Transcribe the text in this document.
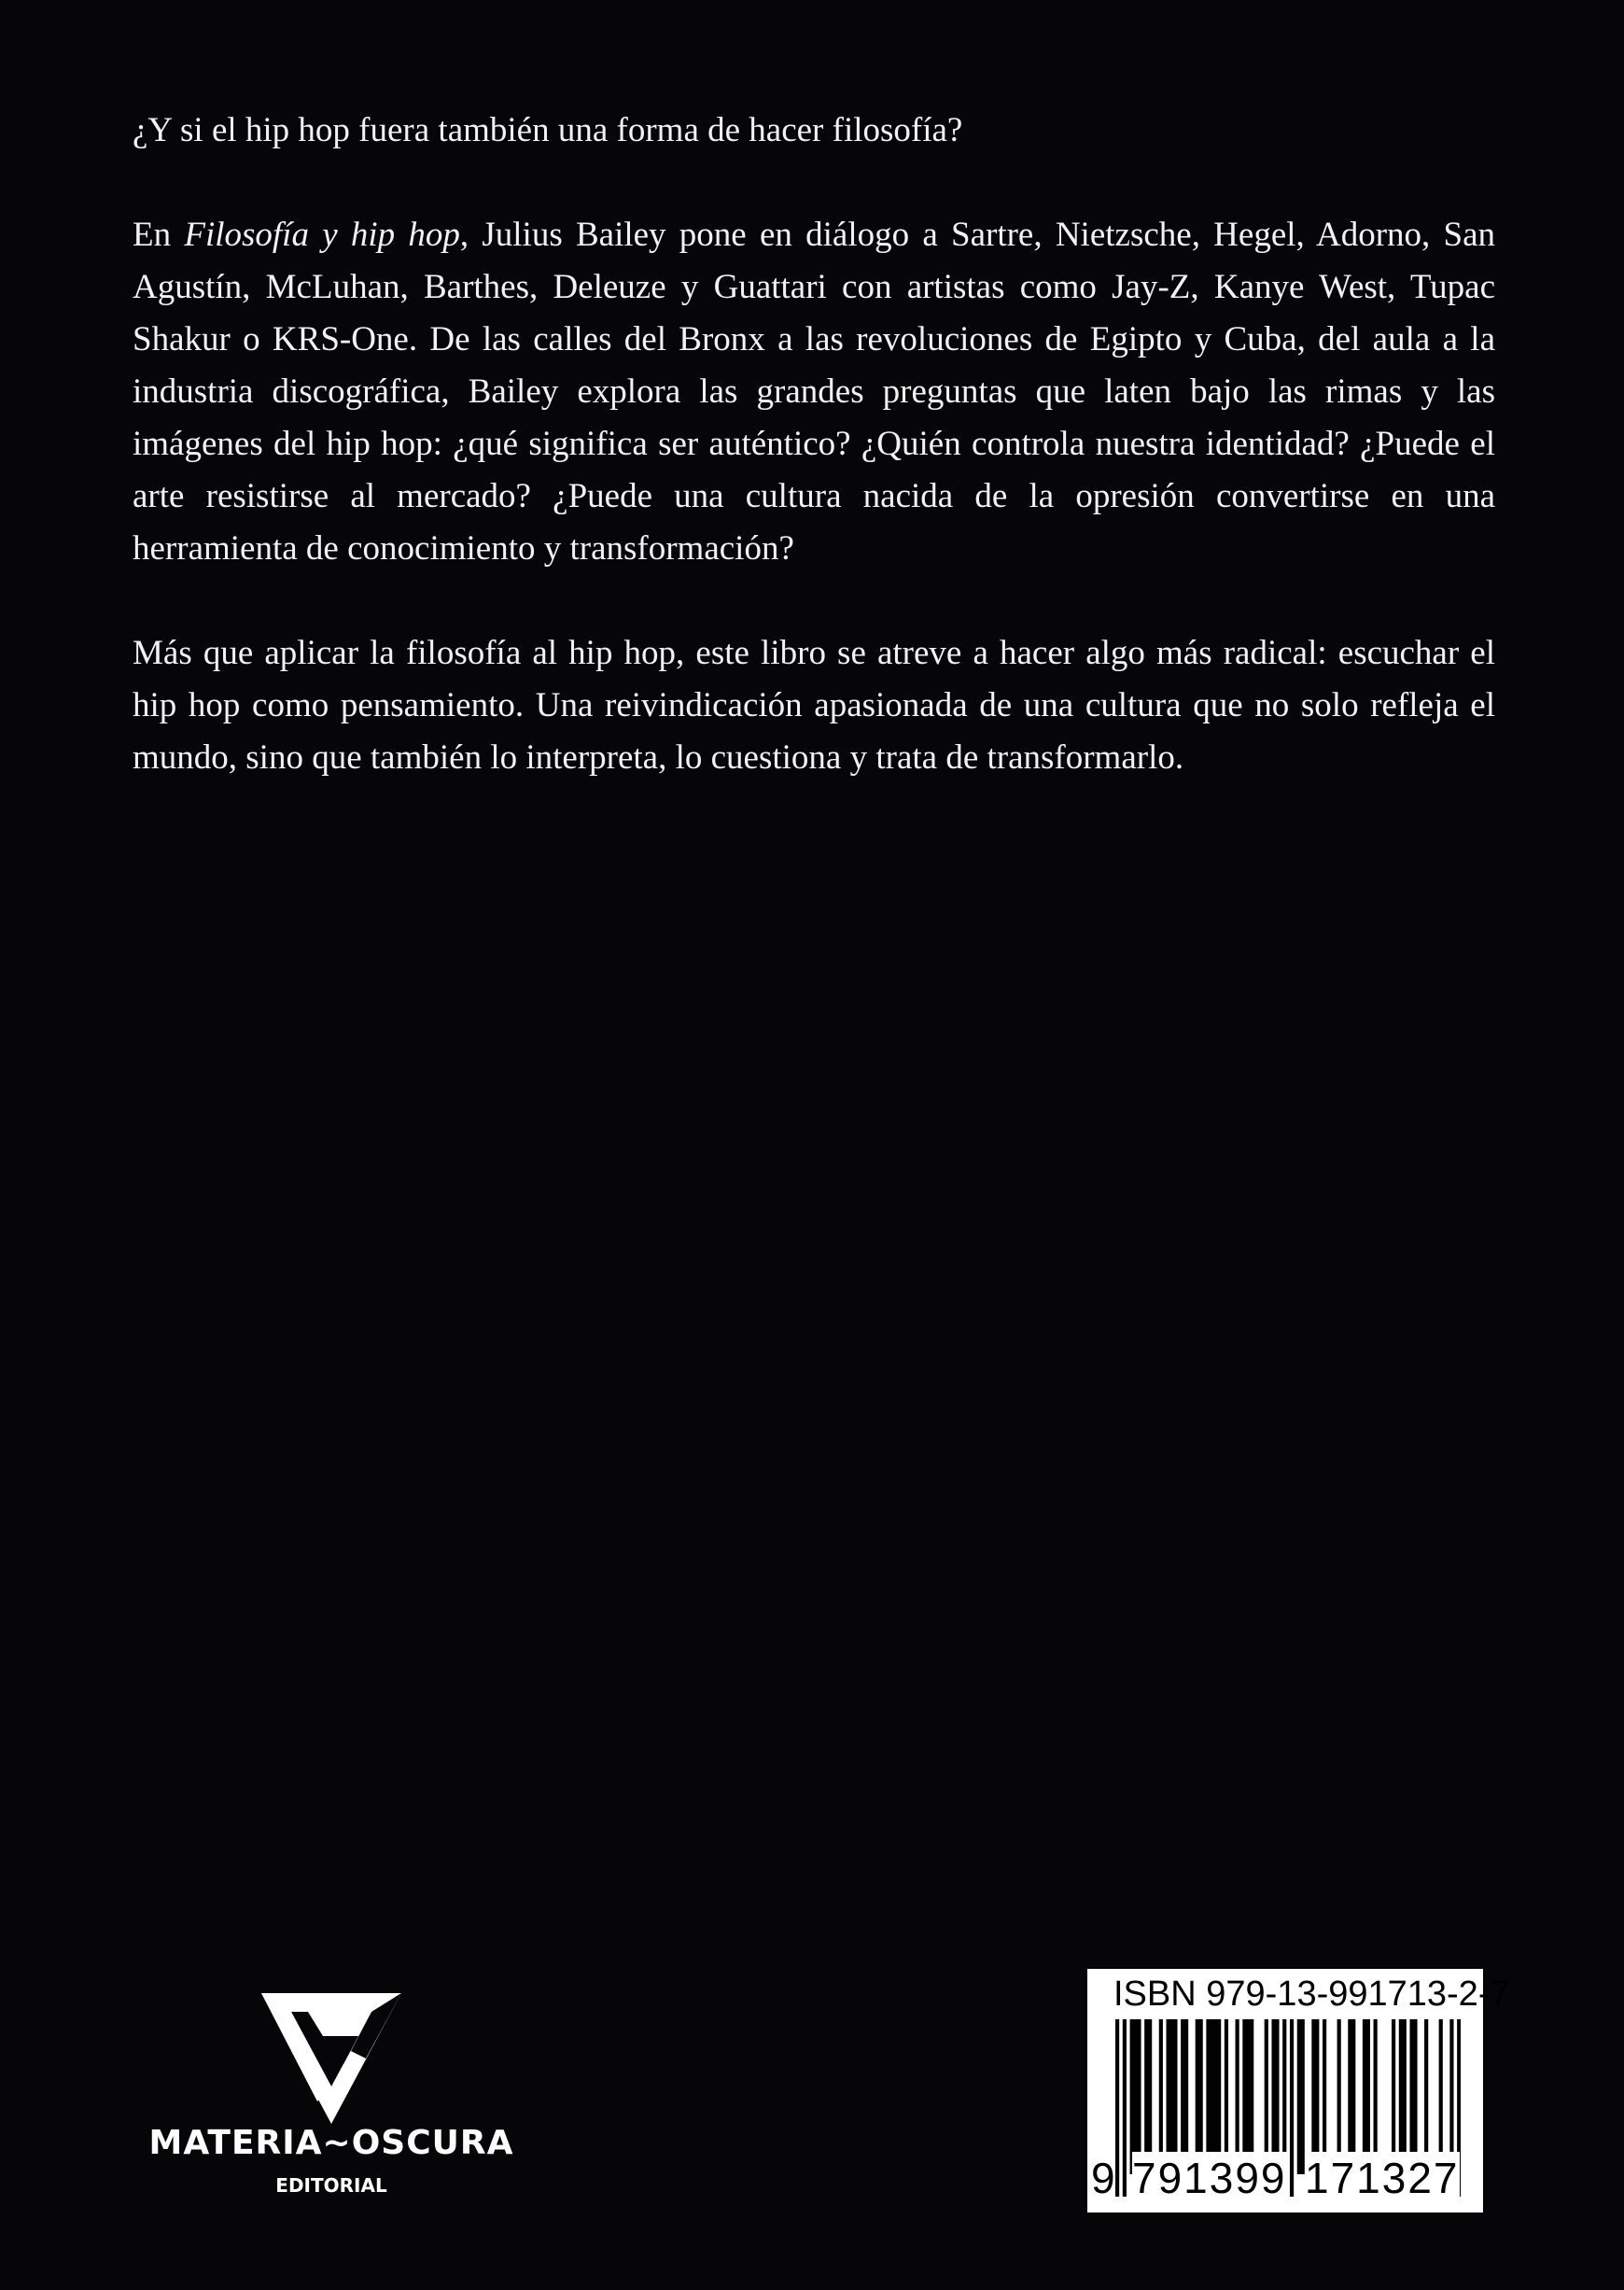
¿Y si el hip hop fuera también una forma de hacer filosofía?

En Filosofía y hip hop, Julius Bailey pone en diálogo a Sartre, Nietzsche, Hegel, Adorno, San Agustín, McLuhan, Barthes, Deleuze y Guattari con artistas como Jay-Z, Kanye West, Tupac Shakur o KRS-One. De las calles del Bronx a las revoluciones de Egipto y Cuba, del aula a la industria discográfica, Bailey explora las grandes preguntas que laten bajo las rimas y las imágenes del hip hop: ¿qué significa ser auténtico? ¿Quién controla nuestra identidad? ¿Puede el arte resistirse al mercado? ¿Puede una cultura nacida de la opresión convertirse en una herramienta de conocimiento y transformación?

Más que aplicar la filosofía al hip hop, este libro se atreve a hacer algo más radical: escuchar el hip hop como pensamiento. Una reivindicación apasionada de una cultura que no solo refleja el mundo, sino que también lo interpreta, lo cuestiona y trata de transformarlo.

MATERIA~OSCURA
EDITORIAL
ISBN 979-13-991713-2-7
9 791399 171327
